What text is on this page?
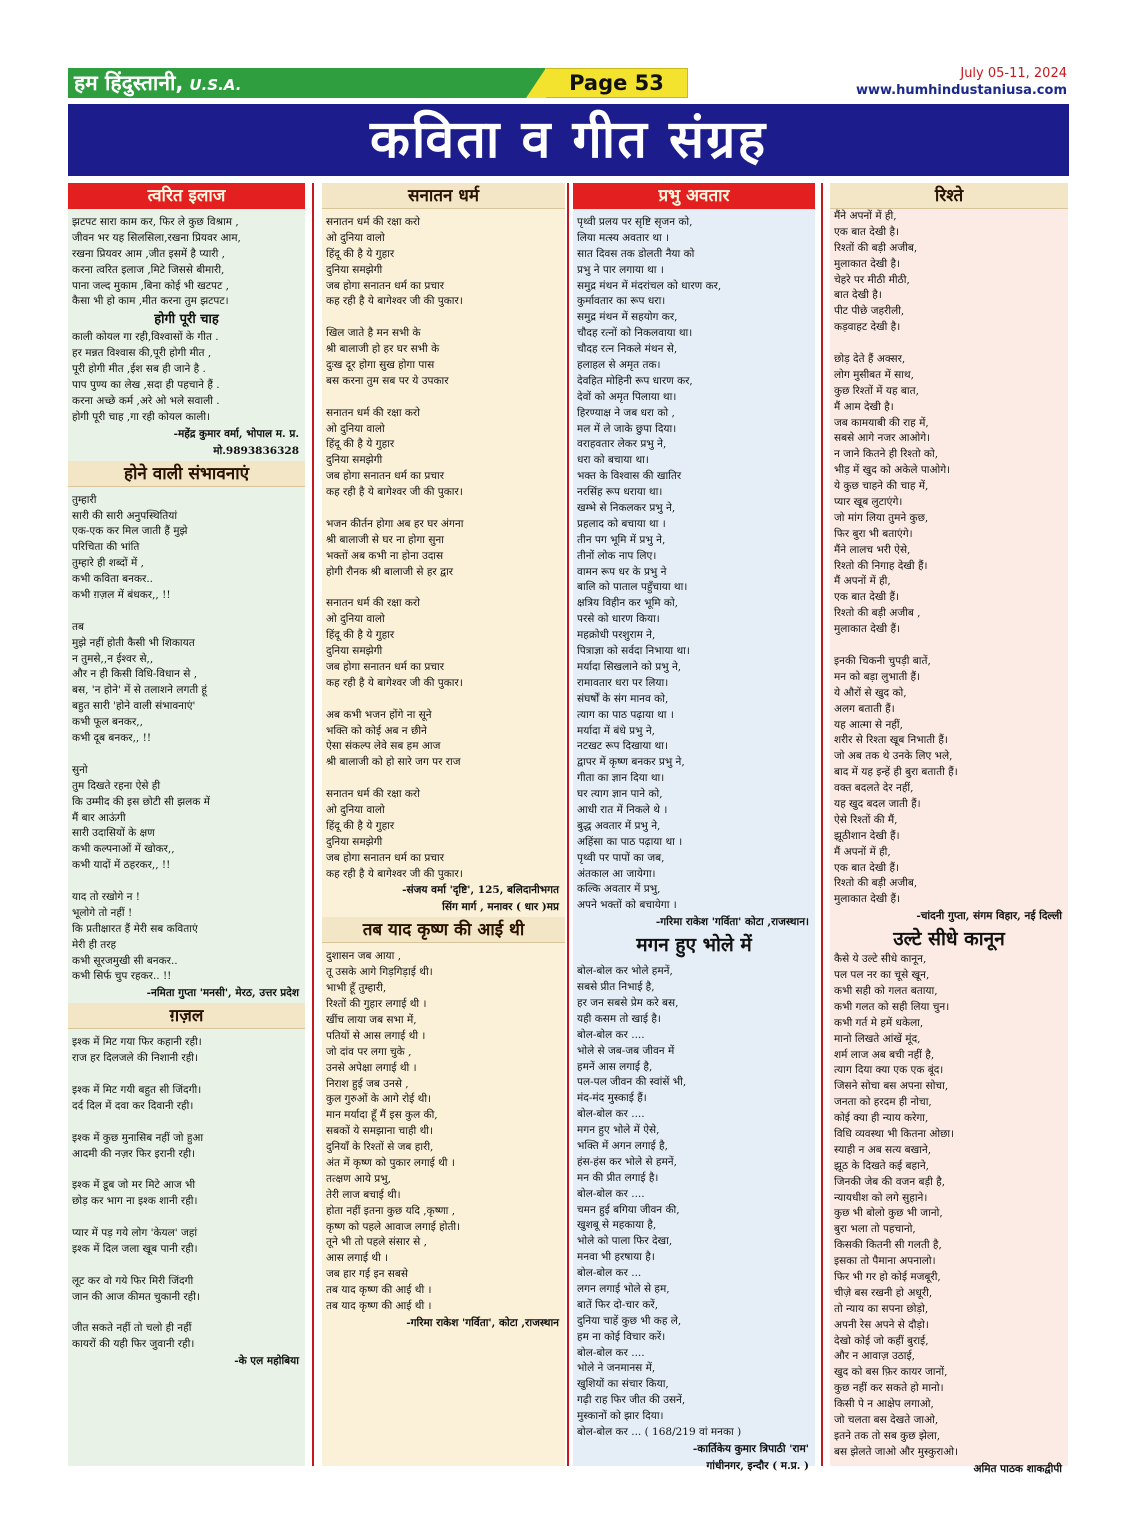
हम हिंदुस्तानी, U.S.A.	Page 53	July 05-11, 2024
www.humhindustaniusa.com
कविता व गीत संग्रह
त्वरित इलाज
झटपट सारा काम कर, फिर ले कुछ विश्राम ,
जीवन भर यह सिलसिला,रखना प्रियवर आम,
रखना प्रियवर आम ,जीत इसमें है प्यारी ,
करना त्वरित इलाज ,मिटे जिससे बीमारी,
पाना जल्द मुकाम ,बिना कोई भी खटपट ,
कैसा भी हो काम ,मीत करना तुम झटपट।
होगी पूरी चाह
काली कोयल गा रही,विश्वासों के गीत .
हर मन्नत विश्वास की,पूरी होगी मीत ,
पूरी होगी मीत ,ईश सब ही जाने है .
पाप पुण्य का लेख ,सदा ही पहचाने हैं .
करना अच्छे कर्म ,अरे ओ भले सवाली .
होगी पूरी चाह ,गा रही कोयल काली।
-महेंद्र कुमार वर्मा, भोपाल म. प्र.
मो.9893836328
होने वाली संभावनाएं
तुम्हारी
सारी की सारी अनुपस्थितियां
एक-एक कर मिल जाती हैं मुझे
परिचिता की भांति
तुम्हारे ही शब्दों में ,
कभी कविता बनकर..
कभी ग़ज़ल में बंधकर,, !!
तब
मुझे नहीं होती कैसी भी शिकायत
न तुमसे,,न ईश्वर से,,
और न ही किसी विधि-विधान से ,
बस, 'न होने' में से तलाशने लगती हूं
बहुत सारी 'होने वाली संभावनाएं'
कभी फूल बनकर,,
कभी दूब बनकर,, !!
सुनो
तुम दिखते रहना ऐसे ही
कि उम्मीद की इस छोटी सी झलक में
मैं बार आऊंगी
सारी उदासियों के क्षण
कभी कल्पनाओं में खोकर,,
कभी यादों में ठहरकर,, !!
याद तो रखोगे न !
भूलोगे तो नहीं !
कि प्रतीक्षारत हैं मेरी सब कविताएं
मेरी ही तरह
कभी सूरजमुखी सी बनकर..
कभी सिर्फ चुप रहकर.. !!
-नमिता गुप्ता 'मनसी', मेरठ, उत्तर प्रदेश
ग़ज़ल
इश्क में मिट गया फिर कहानी रही।
राज हर दिलजले की निशानी रही।
इश्क में मिट गयी बहुत सी जिंदगी।
दर्द दिल में दवा कर दिवानी रही।
इश्क में कुछ मुनासिब नहीं जो हुआ
आदमी की नज़र फिर इरानी रही।
इश्क में डूब जो मर मिटे आज भी
छोड़ कर भाग ना इश्क शानी रही।
प्यार में पड़ गये लोग 'केयल' जहां
इश्क में दिल जला खूब पानी रही।
लूट कर वो गये फिर मिरी जिंदगी
जान की आज कीमत चुकानी रही।
जीत सकते नहीं तो चलो ही नहीं
कायरों की यही फिर जुवानी रही।
-के एल महोबिया
सनातन धर्म
सनातन धर्म की रक्षा करो
ओ दुनिया वालो
हिंदू की है ये गुहार
दुनिया समझेगी
जब होगा सनातन धर्म का प्रचार
कह रही है ये बागेश्वर जी की पुकार।
खिल जाते है मन सभी के
श्री बालाजी हो हर घर सभी के
दुःख दूर होगा सुख होगा पास
बस करना तुम सब पर ये उपकार
सनातन धर्म की रक्षा करो
ओ दुनिया वालो
हिंदू की है ये गुहार
दुनिया समझेगी
जब होगा सनातन धर्म का प्रचार
कह रही है ये बागेश्वर जी की पुकार।
भजन कीर्तन होगा अब हर घर अंगना
श्री बालाजी से घर ना होगा सुना
भक्तों अब कभी ना होना उदास
होगी रौनक श्री बालाजी से हर द्वार
सनातन धर्म की रक्षा करो
ओ दुनिया वालो
हिंदू की है ये गुहार
दुनिया समझेगी
जब होगा सनातन धर्म का प्रचार
कह रही है ये बागेश्वर जी की पुकार।
अब कभी भजन होंगे ना सूने
भक्ति को कोई अब न छीने
ऐसा संकल्प लेवे सब हम आज
श्री बालाजी को हो सारे जग पर राज
सनातन धर्म की रक्षा करो
ओ दुनिया वालो
हिंदू की है ये गुहार
दुनिया समझेगी
जब होगा सनातन धर्म का प्रचार
कह रही है ये बागेश्वर जी की पुकार।
-संजय वर्मा 'दृष्टि', 125, बलिदानीभगत
सिंग मार्ग , मनावर ( धार )मप्र
तब याद कृष्ण की आई थी
दुशासन जब आया ,
तू उसके आगे गिड़गिड़ाई थी।
भाभी हूँ तुम्हारी,
रिश्तों की गुहार लगाई थी ।
खींच लाया जब सभा में,
पतियों से आस लगाई थी ।
जो दांव पर लगा चुके ,
उनसे अपेक्षा लगाई थी ।
निराश हुई जब उनसे ,
कुल गुरुओं के आगे रोई थी।
मान मर्यादा हूँ मैं इस कुल की,
सबकों ये समझाना चाही थी।
दुनियाँ के रिश्तों से जब हारी,
अंत में कृष्ण को पुकार लगाई थी ।
तत्क्षण आये प्रभु,
तेरी लाज बचाई थी।
होता नहीं इतना कुछ यदि ,कृष्णा ,
कृष्ण को पहले आवाज लगाई होती।
तूने भी तो पहले संसार से ,
आस लगाई थी ।
जब हार गई इन सबसे
तब याद कृष्ण की आई थी ।
तब याद कृष्ण की आई थी ।
-गरिमा राकेश 'गर्विता', कोटा ,राजस्थान
प्रभु अवतार
पृथ्वी प्रलय पर सृष्टि सृजन को,
लिया मत्स्य अवतार था ।
सात दिवस तक डोलती नैया को
प्रभु ने पार लगाया था ।
समुद्र मंथन में मंदरांचल को धारण कर,
कुर्मावतार का रूप धरा।
समुद्र मंथन में सहयोग कर,
चौदह रत्नों को निकलवाया था।
चौदह रत्न निकले मंथन से,
हलाहल से अमृत तक।
देवहित मोहिनी रूप धारण कर,
देवों को अमृत पिलाया था।
हिरण्याक्ष ने जब धरा को ,
मल में ले जाके छुपा दिया।
वराहवतार लेकर प्रभु ने,
धरा को बचाया था।
भक्त के विश्वास की खातिर
नरसिंह रूप धराया था।
खम्भे से निकलकर प्रभु ने,
प्रहलाद को बचाया था ।
तीन पग भूमि में प्रभु ने,
तीनों लोक नाप लिए।
वामन रूप धर के प्रभु ने
बालि को पाताल पहुँचाया था।
क्षत्रिय विहीन कर भूमि को,
परसे को धारण किया।
महक्रोधी परशुराम ने,
पित्राज्ञा को सर्वदा निभाया था।
मर्यादा सिखलाने को प्रभु ने,
रामावतार धरा पर लिया।
संघर्षों के संग मानव को,
त्याग का पाठ पढ़ाया था ।
मर्यादा में बंधे प्रभु ने,
नटखट रूप दिखाया था।
द्वापर में कृष्ण बनकर प्रभु ने,
गीता का ज्ञान दिया था।
घर त्याग ज्ञान पाने को,
आधी रात में निकले थे ।
बुद्ध अवतार में प्रभु ने,
अहिंसा का पाठ पढ़ाया था ।
पृथ्वी पर पापों का जब,
अंतकाल आ जायेगा।
कल्कि अवतार में प्रभु,
अपने भक्तों को बचायेगा ।
-गरिमा राकेश 'गर्विता' कोटा ,राजस्थान।
मगन हुए भोले में
बोल-बोल कर भोले हमनें,
सबसे प्रीत निभाई है,
हर जन सबसे प्रेम करे बस,
यही कसम तो खाई है।
बोल-बोल कर ....
भोले से जब-जब जीवन में
हमनें आस लगाई है,
पल-पल जीवन की स्वांसें भी,
मंद-मंद मुस्काई हैं।
बोल-बोल कर ....
मगन हुए भोले में ऐसे,
भक्ति में अगन लगाई है,
हंस-हंस कर भोले से हमनें,
मन की प्रीत लगाई है।
बोल-बोल कर ....
चमन हुई बगिया जीवन की,
खुशबू से महकाया है,
भोले को पाला फिर देखा,
मनवा भी हरषाया है।
बोल-बोल कर ...
लगन लगाई भोले से हम,
बातें फिर दो-चार करें,
दुनिया चाहें कुछ भी कह ले,
हम ना कोई विचार करें।
बोल-बोल कर ....
भोले ने जनमानस में,
खुशियों का संचार किया,
गढ़ी राह फिर जीत की उसनें,
मुस्कानों को झार दिया।
बोल-बोल कर ... ( 168/219 वां मनका )
-कार्तिकेय कुमार त्रिपाठी 'राम'
गांधीनगर, इन्दौर ( म.प्र. )
रिश्ते
मैंने अपनों में ही,
एक बात देखी है।
रिश्तों की बड़ी अजीब,
मुलाकात देखी है।
चेहरे पर मीठी मीठी,
बात देखी है।
पीट पीछे जहरीली,
कड़वाहट देखी है।
छोड़ देते हैं अक्सर,
लोग मुसीबत में साथ,
कुछ रिश्तों में यह बात,
मैं आम देखी है।
जब कामयाबी की राह में,
सबसे आगे नजर आओगे।
न जाने कितने ही रिश्तो को,
भीड़ में खुद को अकेले पाओगे।
ये कुछ चाहने की चाह में,
प्यार खूब लुटाएंगे।
जो मांग लिया तुमने कुछ,
फिर बुरा भी बताएंगे।
मैंने लालच भरी ऐसे,
रिश्तो की निगाह देखी हैं।
मैं अपनों में ही,
एक बात देखी हैं।
रिश्तो की बड़ी अजीब ,
मुलाकात देखी हैं।
इनकी चिकनी चुपड़ी बातें,
मन को बड़ा लुभाती हैं।
ये औरों से खुद को,
अलग बताती हैं।
यह आत्मा से नहीं,
शरीर से रिश्ता खूब निभाती हैं।
जो अब तक थे उनके लिए भले,
बाद में यह इन्हें ही बुरा बताती हैं।
वक्त बदलते देर नहीं,
यह खुद बदल जाती हैं।
ऐसे रिश्तों की मैं,
झूठीशान देखी हैं।
मैं अपनों में ही,
एक बात देखी हैं।
रिश्तो की बड़ी अजीब,
मुलाकात देखी हैं।
-चांदनी गुप्ता, संगम विहार, नई दिल्ली
उल्टे सीधे कानून
कैसे ये उल्टे सीधे कानून,
पल पल नर का चूसे खून,
कभी सही को गलत बताया,
कभी गलत को सही लिया चुन।
कभी गर्त मे हमें धकेला,
मानो लिखते आंखें मूंद,
शर्म लाज अब बची नहीं है,
त्याग दिया क्या एक एक बूंद।
जिसने सोचा बस अपना सोचा,
जनता को हरदम ही नोचा,
कोई क्या ही न्याय करेगा,
विधि व्यवस्था भी कितना ओछा।
स्याही न अब सत्य बखाने,
झूठ के दिखते कई बहाने,
जिनकी जेब की वजन बड़ी है,
न्यायधीश को लगे सुहाने।
कुछ भी बोलो कुछ भी जानो,
बुरा भला तो पहचानो,
किसकी कितनी सी गलती है,
इसका तो पैमाना अपनालो।
फिर भी गर हो कोई मजबूरी,
चीज़े बस रखनी हो अधूरी,
तो न्याय का सपना छोड़ो,
अपनी रेस अपने से दौड़ो।
देखो कोई जो कहीं बुराई,
और न आवाज़ उठाई,
खुद को बस फ़िर कायर जानों,
कुछ नहीं कर सकते हो मानो।
किसी पे न आक्षेप लगाओ,
जो चलता बस देखते जाओ,
इतने तक तो सब कुछ झेला,
बस झेलते जाओ और मुस्कुराओ।
अमित पाठक शाकद्वीपी
